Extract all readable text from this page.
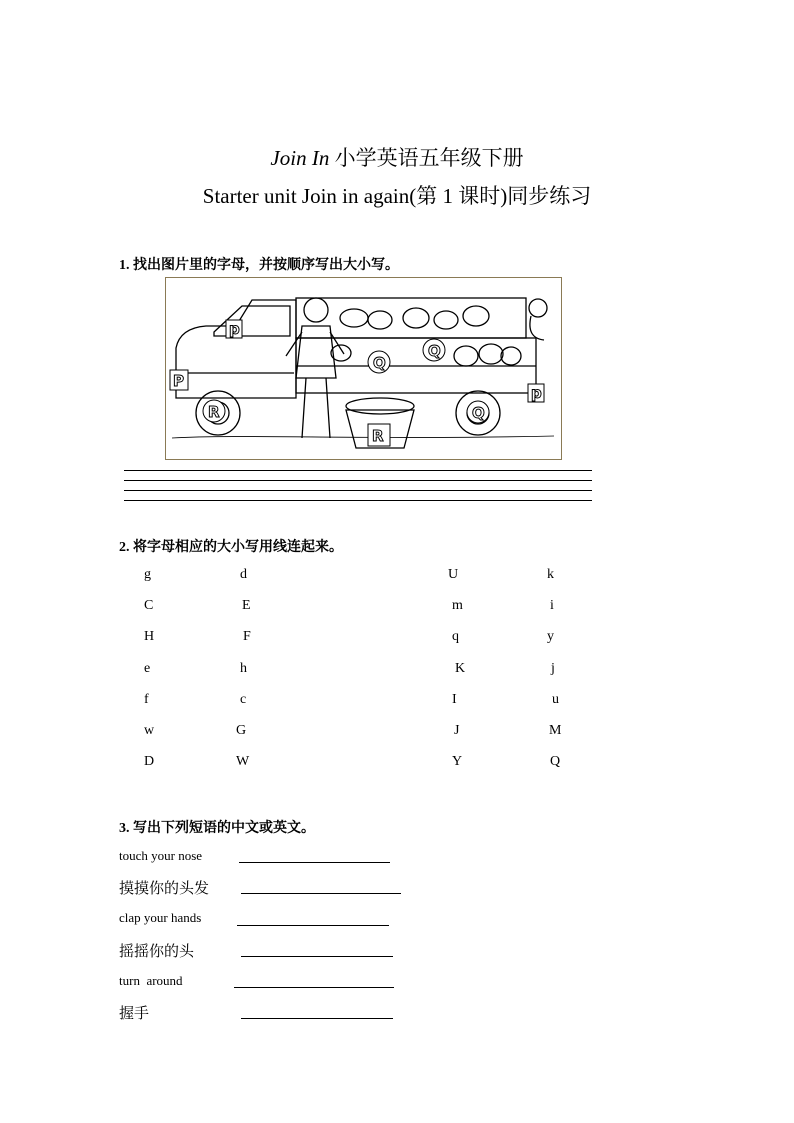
Join In 小学英语五年级下册
Starter unit Join in again(第 1 课时)同步练习
1. 找出图片里的字母，并按顺序写出大小写。
p
P
R
Q
R
Q
p
Q
2. 将字母相应的大小写用线连起来。
g
C
H
e
f
w
D
d
E
F
h
c
G
W
U
m
q
K
I
J
Y
k
i
y
j
u
M
Q
3. 写出下列短语的中文或英文。
touch your nose
摸摸你的头发
clap your hands
摇摇你的头
turn  around
握手
